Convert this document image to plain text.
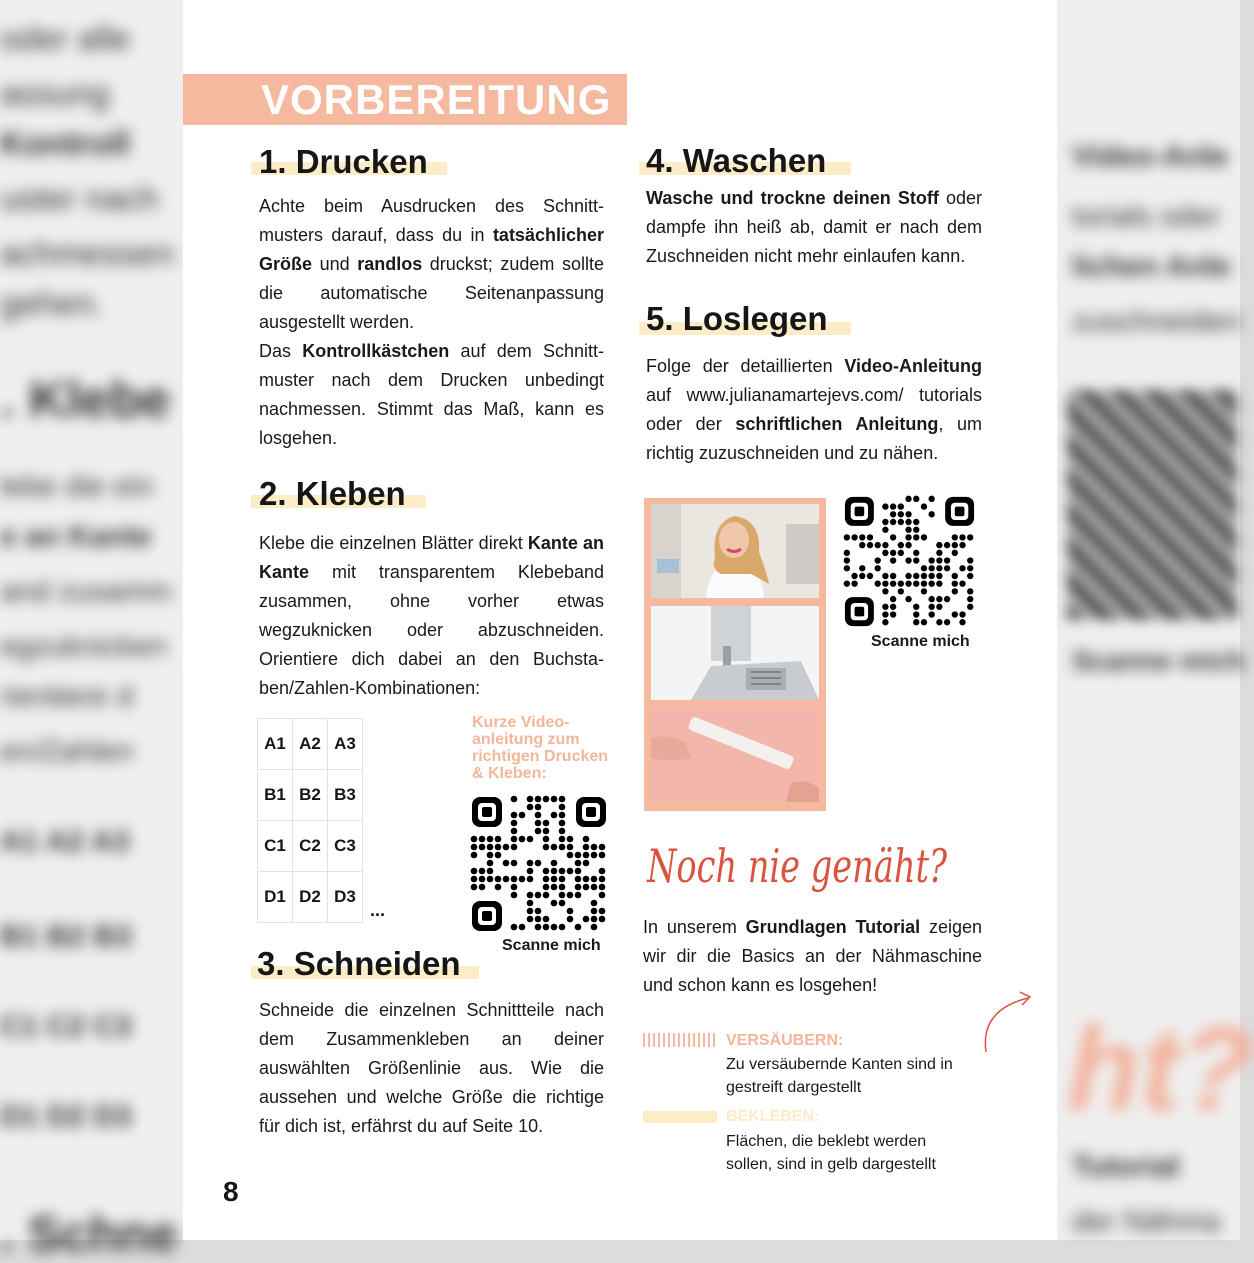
oder alle
assung
Kontroll
uster nach
achmessen
gehen.
. Klebe
lebe die ein
e an Kante
and zusamm
egzuknicken
rientiere d
en/Zahlen
A1 A2 A3
B1 B2 B3
C1 C2 C3
D1 D2 D3
. Schne
Video-Anle
torials oder
lichen Anle
zuschneiden
Scanne mich
ht?
Tutorial
der Nähma
VORBEREITUNG
1. Drucken
Achte beim Ausdrucken des Schnittmusters darauf, dass du in tatsächlicher Größe und randlos druckst; zudem sollte die automatische Seitenanpassung ausgestellt werden.
Das Kontrollkästchen auf dem Schnittmuster nach dem Drucken unbedingt nachmessen. Stimmt das Maß, kann es losgehen.
2. Kleben
Klebe die einzelnen Blätter direkt Kante an Kante mit transparentem Klebeband zusammen, ohne vorher etwas wegzuknicken oder abzuschneiden. Orientiere dich dabei an den Buchstaben/Zahlen-Kombinationen:
A1	A2	A3
B1	B2	B3
C1	C2	C3
D1	D2	D3
...
Kurze Videoanleitung zum richtigen Drucken & Kleben:
Scanne mich
3. Schneiden
Schneide die einzelnen Schnittteile nach dem Zusammenkleben an deiner auswählten Größenlinie aus. Wie die aussehen und welche Größe die richtige für dich ist, erfährst du auf Seite 10.
4. Waschen
Wasche und trockne deinen Stoff oder dampfe ihn heiß ab, damit er nach dem Zuschneiden nicht mehr einlaufen kann.
5. Loslegen
Folge der detaillierten Video-Anleitung auf www.julianamartejevs.com/ tutorials oder der schriftlichen Anleitung, um richtig zuzuschneiden und zu nähen.
Scanne mich
Noch nie genäht?
In unserem Grundlagen Tutorial zeigen wir dir die Basics an der Nähmaschine und schon kann es losgehen!
VERSÄUBERN:
Zu versäubernde Kanten sind in gestreift dargestellt
BEKLEBEN:
Flächen, die beklebt werden sollen, sind in gelb dargestellt
8
